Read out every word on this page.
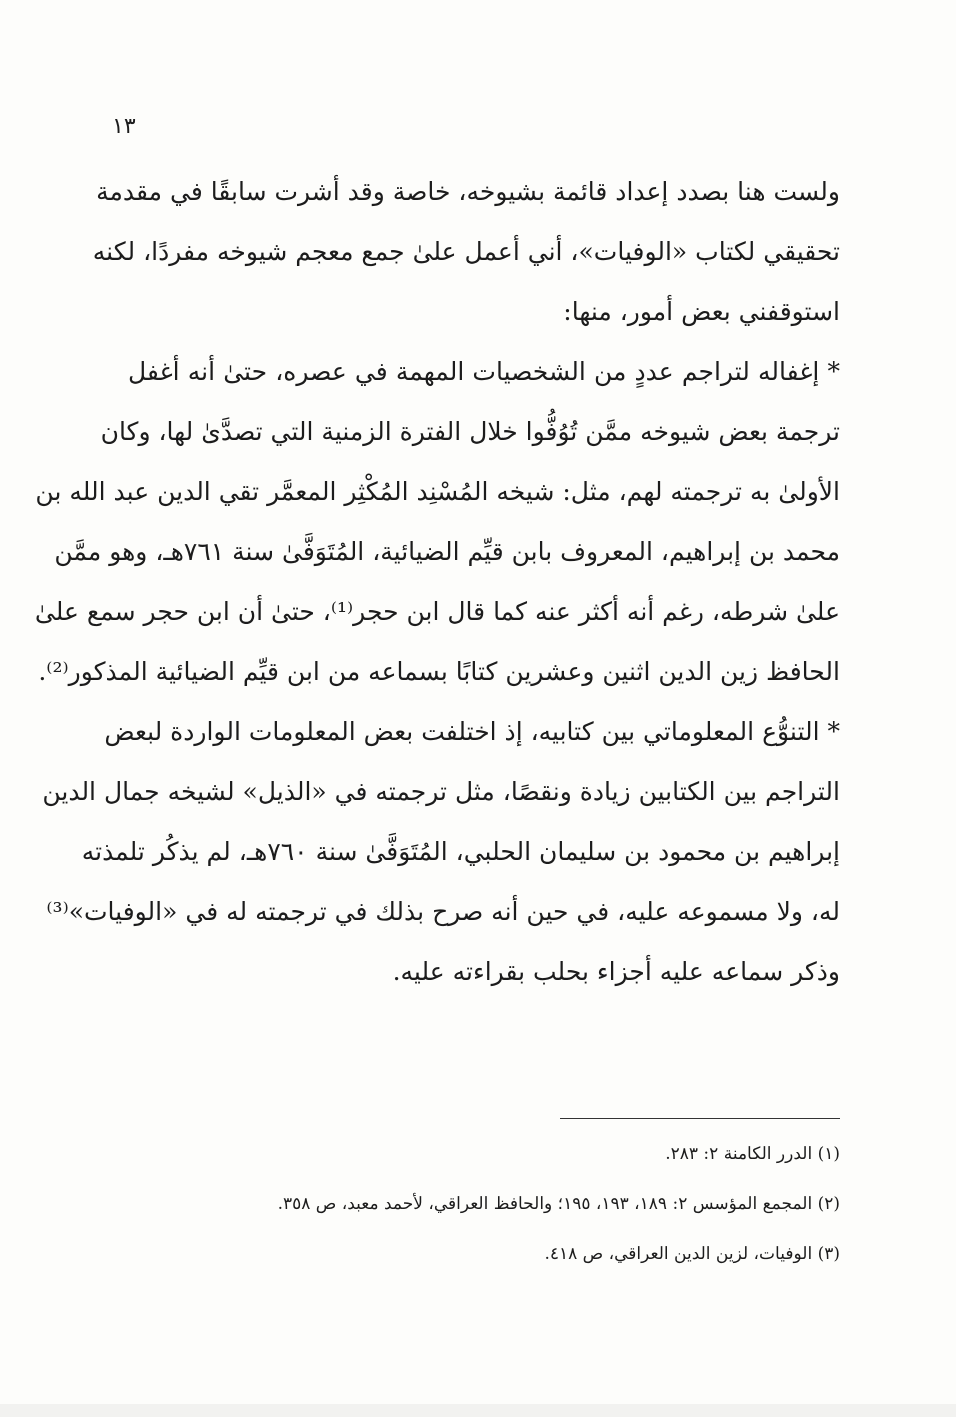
١٣
ولست هنا بصدد إعداد قائمة بشيوخه، خاصة وقد أشرت سابقًا في مقدمة
تحقيقي لكتاب «الوفيات»، أني أعمل علىٰ جمع معجم شيوخه مفردًا، لكنه
استوقفني بعض أمور، منها:
* إغفاله لتراجم عددٍ من الشخصيات المهمة في عصره، حتىٰ أنه أغفل
ترجمة بعض شيوخه ممَّن تُوُفُّوا خلال الفترة الزمنية التي تصدَّىٰ لها، وكان
الأولىٰ به ترجمته لهم، مثل: شيخه المُسْنِد المُكْثِر المعمَّر تقي الدين عبد الله بن
محمد بن إبراهيم، المعروف بابن قيِّم الضيائية، المُتَوَفَّىٰ سنة ٧٦١هـ، وهو ممَّن
علىٰ شرطه، رغم أنه أكثر عنه كما قال ابن حجر⁽¹⁾، حتىٰ أن ابن حجر سمع علىٰ
الحافظ زين الدين اثنين وعشرين كتابًا بسماعه من ابن قيِّم الضيائية المذكور⁽²⁾.
* التنوُّع المعلوماتي بين كتابيه، إذ اختلفت بعض المعلومات الواردة لبعض
التراجم بين الكتابين زيادة ونقصًا، مثل ترجمته في «الذيل» لشيخه جمال الدين
إبراهيم بن محمود بن سليمان الحلبي، المُتَوَفَّىٰ سنة ٧٦٠هـ، لم يذكُر تلمذته
له، ولا مسموعه عليه، في حين أنه صرح بذلك في ترجمته له في «الوفيات»⁽³⁾
وذكر سماعه عليه أجزاء بحلب بقراءته عليه.
(١) الدرر الكامنة ٢: ٢٨٣.
(٢) المجمع المؤسس ٢: ١٨٩، ١٩٣، ١٩٥؛ والحافظ العراقي، لأحمد معبد، ص ٣٥٨.
(٣) الوفيات، لزين الدين العراقي، ص ٤١٨.
